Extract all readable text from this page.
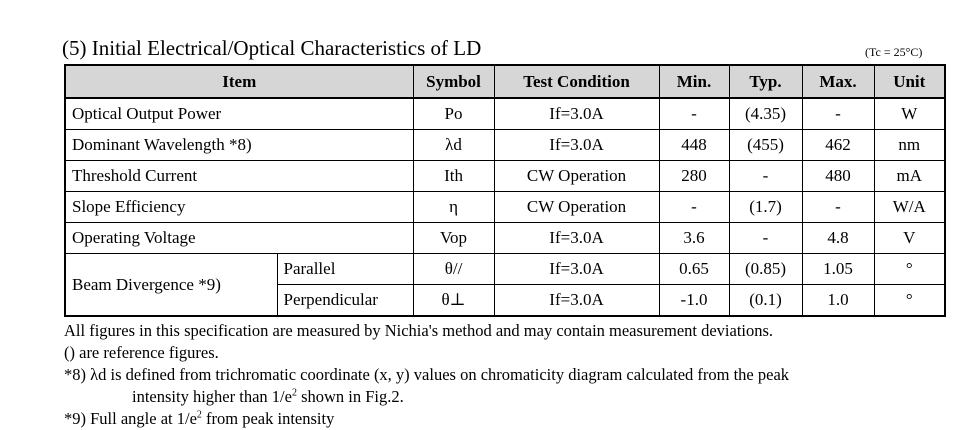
(5) Initial Electrical/Optical Characteristics of LD	(Tc = 25°C)
Item		Symbol	Test Condition	Min.	Typ.	Max.	Unit
Optical Output Power		Po	If=3.0A	-	(4.35)	-	W
Dominant Wavelength *8)		λd	If=3.0A	448	(455)	462	nm
Threshold Current		Ith	CW Operation	280	-	480	mA
Slope Efficiency		η	CW Operation	-	(1.7)	-	W/A
Operating Voltage		Vop	If=3.0A	3.6	-	4.8	V
Beam Divergence *9)	Parallel	θ//	If=3.0A	0.65	(0.85)	1.05	°
	Perpendicular	θ⊥	If=3.0A	-1.0	(0.1)	1.0	°
All figures in this specification are measured by Nichia's method and may contain measurement deviations.
() are reference figures.
*8) λd is defined from trichromatic coordinate (x, y) values on chromaticity diagram calculated from the peak
intensity higher than $1/e^2$ shown in Fig.2.
*9) Full angle at $1/e^2$ from peak intensity
